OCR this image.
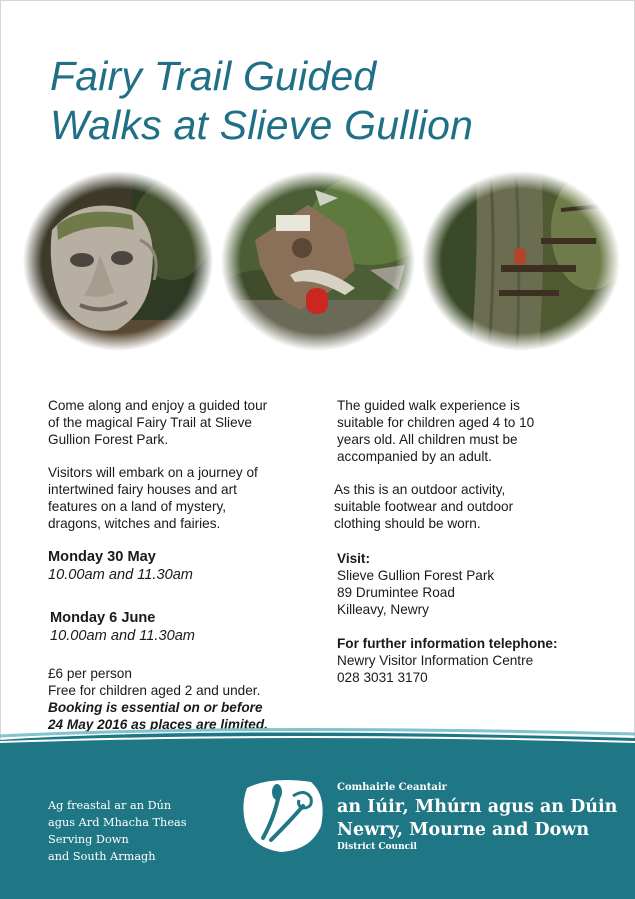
Fairy Trail Guided
Walks at Slieve Gullion

Come along and enjoy a guided tour

of the magical Fairy Trail at Slieve

Gullion Forest Park.

Visitors will embark on a journey of

intertwined fairy houses and art

features on a land of mystery,

dragons, witches and fairies.

Monday 30 May

10.00am and 11.30am

Monday 6 June

10.00am and 11.30am

£6 per person

Free for children aged 2 and under.

Booking is essential on or before

24 May 2016 as places are limited.

The guided walk experience is

suitable for children aged 4 to 10

years old. All children must be

accompanied by an adult.

As this is an outdoor activity,

suitable footwear and outdoor

clothing should be worn.

Visit:

Slieve Gullion Forest Park

89 Drumintee Road

Killeavy, Newry

For further information telephone:

Newry Visitor Information Centre

028 3031 3170

Ag freastal ar an Dún
agus Ard Mhacha Theas
Serving Down
and South Armagh
Comhairle Ceantair
an Iúir, Mhúrn agus an Dúin
Newry, Mourne and Down
District Council
